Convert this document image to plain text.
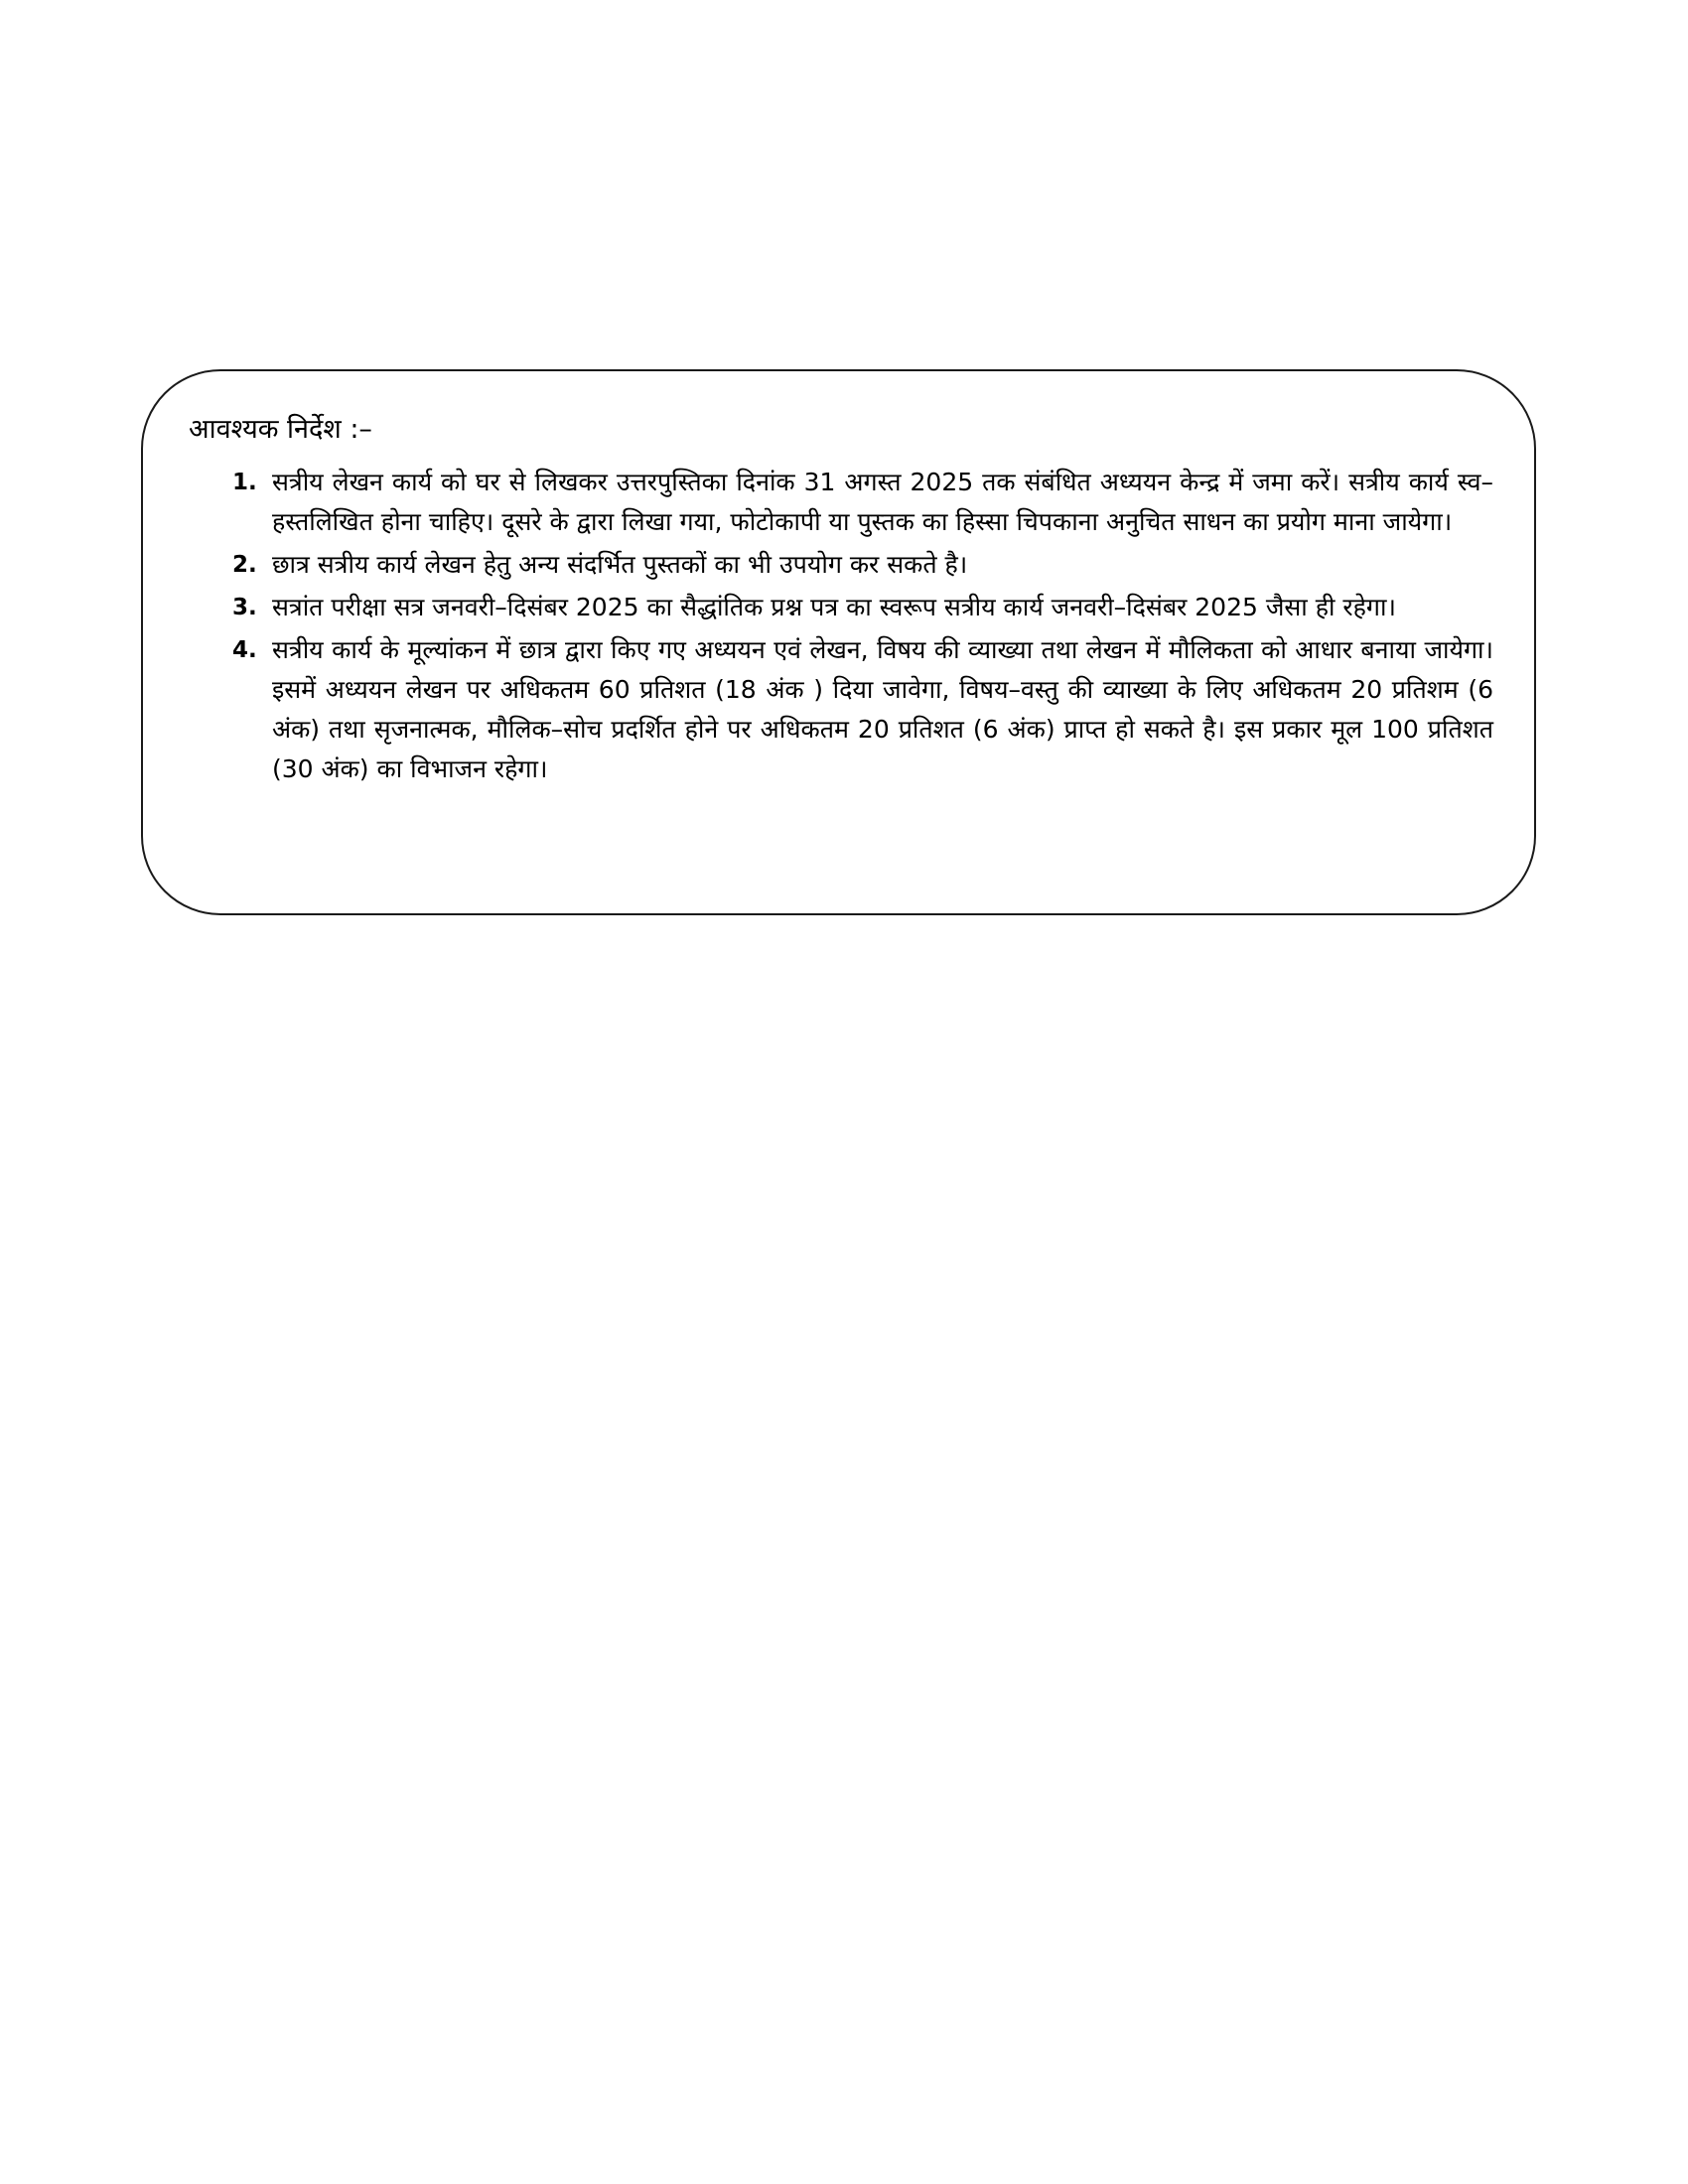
आवश्यक निर्देश :–
1. सत्रीय लेखन कार्य को घर से लिखकर उत्तरपुस्तिका दिनांक 31 अगस्त 2025 तक संबंधित अध्ययन केन्द्र में जमा करें। सत्रीय कार्य स्व–हस्तलिखित होना चाहिए। दूसरे के द्वारा लिखा गया, फोटोकापी या पुस्तक का हिस्सा चिपकाना अनुचित साधन का प्रयोग माना जायेगा।
2. छात्र सत्रीय कार्य लेखन हेतु अन्य संदर्भित पुस्तकों का भी उपयोग कर सकते है।
3. सत्रांत परीक्षा सत्र जनवरी–दिसंबर 2025 का सैद्धांतिक प्रश्न पत्र का स्वरूप सत्रीय कार्य जनवरी–दिसंबर 2025 जैसा ही रहेगा।
4. सत्रीय कार्य के मूल्यांकन में छात्र द्वारा किए गए अध्ययन एवं लेखन, विषय की व्याख्या तथा लेखन में मौलिकता को आधार बनाया जायेगा। इसमें अध्ययन लेखन पर अधिकतम 60 प्रतिशत (18 अंक ) दिया जावेगा, विषय–वस्तु की व्याख्या के लिए अधिकतम 20 प्रतिशम (6 अंक) तथा सृजनात्मक, मौलिक–सोच प्रदर्शित होने पर अधिकतम 20 प्रतिशत (6 अंक) प्राप्त हो सकते है। इस प्रकार मूल 100 प्रतिशत (30 अंक) का विभाजन रहेगा।
